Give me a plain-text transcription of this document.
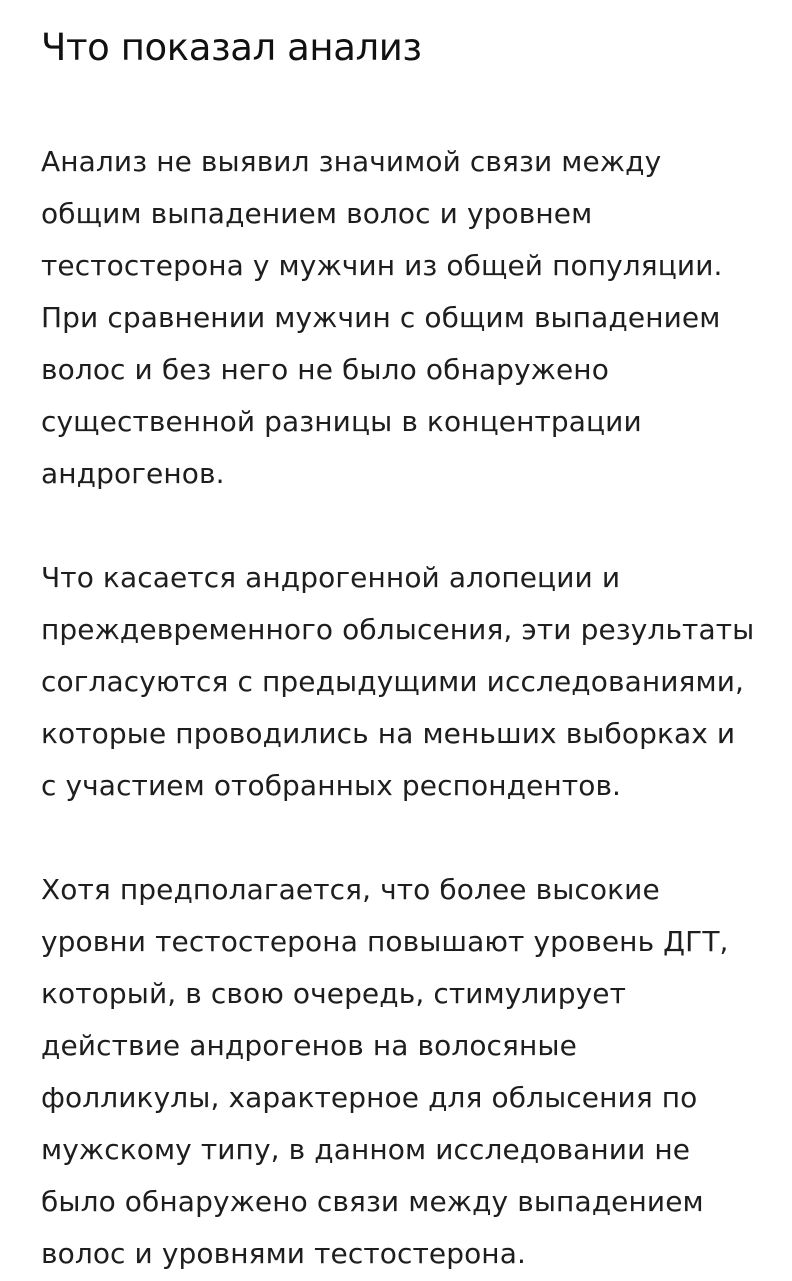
Что показал анализ

Анализ не выявил значимой связи между
общим выпадением волос и уровнем
тестостерона у мужчин из общей популяции.
При сравнении мужчин с общим выпадением
волос и без него не было обнаружено
существенной разницы в концентрации
андрогенов.

Что касается андрогенной алопеции и
преждевременного облысения, эти результаты
согласуются с предыдущими исследованиями,
которые проводились на меньших выборках и
с участием отобранных респондентов.

Хотя предполагается, что более высокие
уровни тестостерона повышают уровень ДГТ,
который, в свою очередь, стимулирует
действие андрогенов на волосяные
фолликулы, характерное для облысения по
мужскому типу, в данном исследовании не
было обнаружено связи между выпадением
волос и уровнями тестостерона.
